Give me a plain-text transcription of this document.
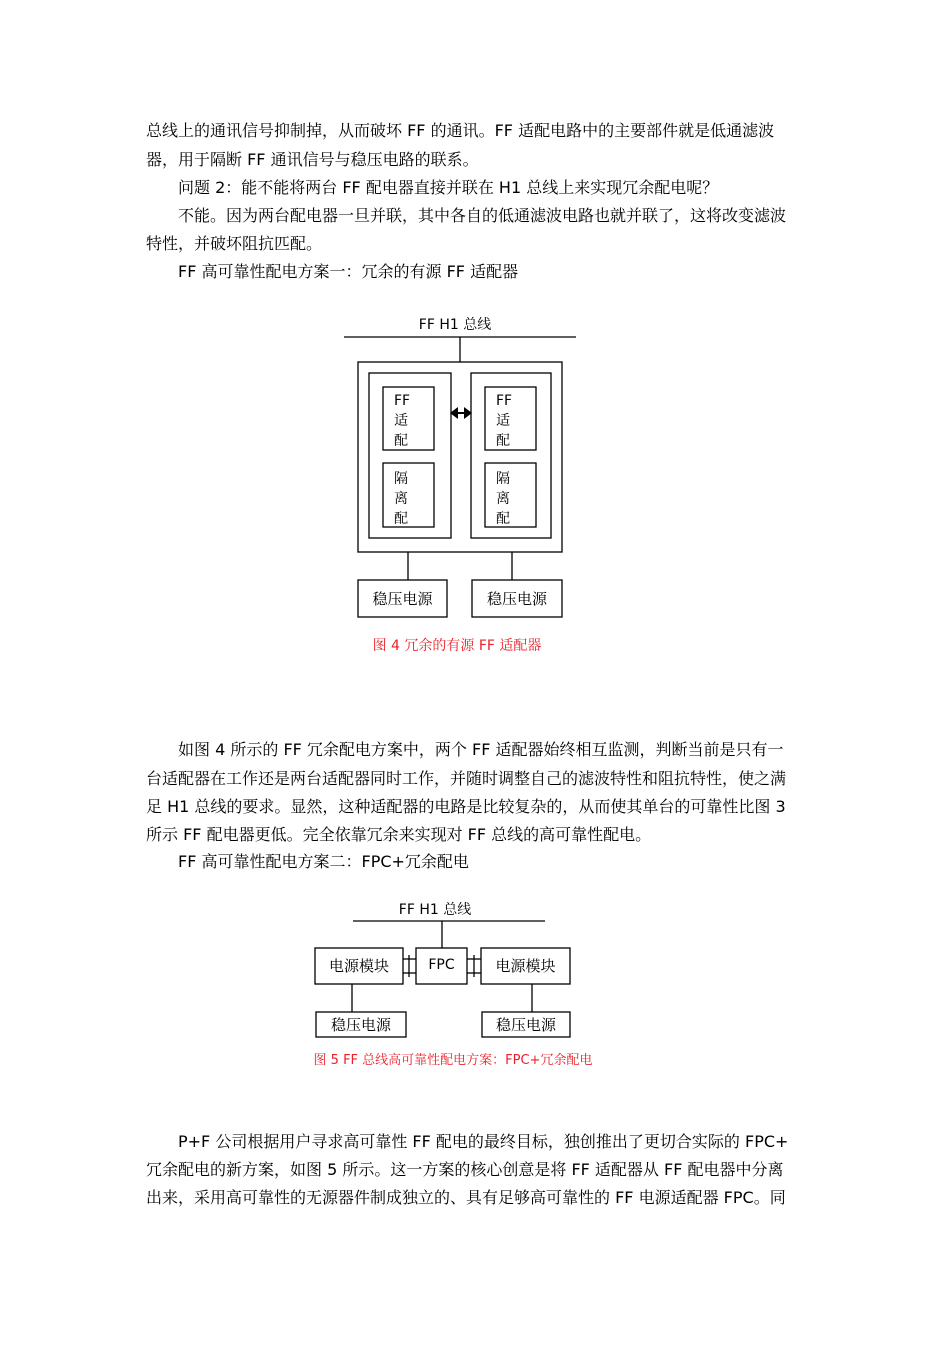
总线上的通讯信号抑制掉，从而破坏 FF 的通讯。FF 适配电路中的主要部件就是低通滤波
器，用于隔断 FF 通讯信号与稳压电路的联系。
问题 2：能不能将两台 FF 配电器直接并联在 H1 总线上来实现冗余配电呢？
不能。因为两台配电器一旦并联，其中各自的低通滤波电路也就并联了，这将改变滤波
特性，并破坏阻抗匹配。
FF 高可靠性配电方案一：冗余的有源 FF 适配器
FF H1 总线
FF
适
配
隔
离
配
FF
适
配
隔
离
配
稳压电源	稳压电源
图 4 冗余的有源 FF 适配器
如图 4 所示的 FF 冗余配电方案中，两个 FF 适配器始终相互监测，判断当前是只有一
台适配器在工作还是两台适配器同时工作，并随时调整自己的滤波特性和阻抗特性，使之满
足 H1 总线的要求。显然，这种适配器的电路是比较复杂的，从而使其单台的可靠性比图 3
所示 FF 配电器更低。完全依靠冗余来实现对 FF 总线的高可靠性配电。
FF 高可靠性配电方案二：FPC+冗余配电
FF H1 总线
电源模块	FPC	电源模块
稳压电源	稳压电源
图 5 FF 总线高可靠性配电方案：FPC+冗余配电
P+F 公司根据用户寻求高可靠性 FF 配电的最终目标，独创推出了更切合实际的 FPC+
冗余配电的新方案，如图 5 所示。这一方案的核心创意是将 FF 适配器从 FF 配电器中分离
出来，采用高可靠性的无源器件制成独立的、具有足够高可靠性的 FF 电源适配器 FPC。同
